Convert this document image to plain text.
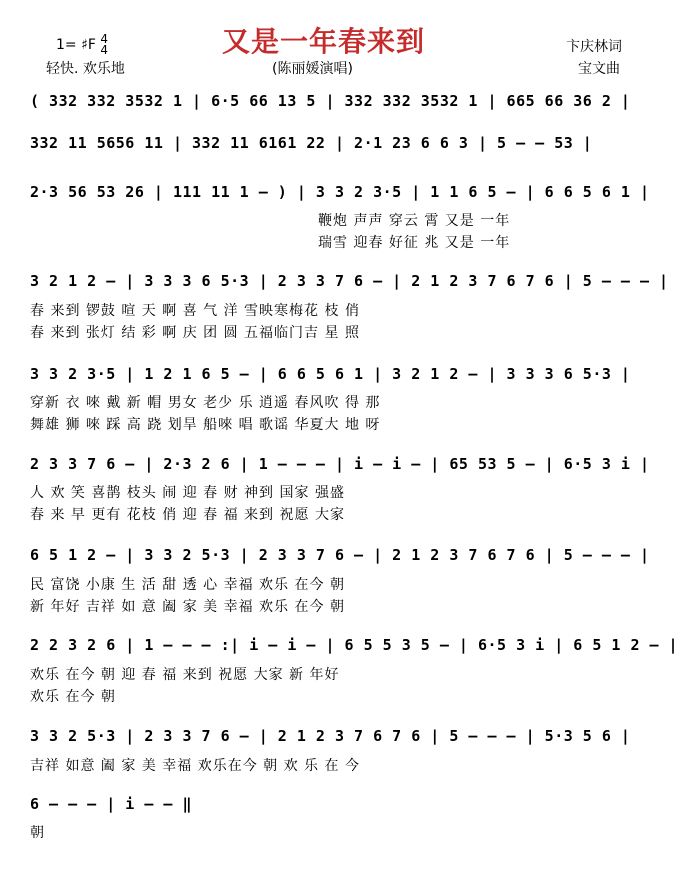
又是一年春来到
1= ♯F 4
4
轻快. 欢乐地	(陈丽媛演唱)
卞庆林词
宝文曲
( 332 332 3532 1 | 6·5 66 13 5 | 332 332 3532 1 | 665 66 36 2 |
332 11 5656 11 | 332 11 6161 22 | 2·1 23 6 6 3 | 5 – – 53 |
2·3 56 53 26 | 111 11 1 – ) | 3 3 2 3·5 | 1 1 6 5 – | 6 6 5 6 1 |
鞭炮 声声 穿云 霄 又是 一年
瑞雪 迎春 好征 兆 又是 一年
3 2 1 2 – | 3 3 3 6 5·3 | 2 3 3 7 6 – | 2 1 2 3 7 6 7 6 | 5 – – – |
春 来到 锣鼓 喧 天 啊 喜 气 洋 雪映寒梅花 枝 俏
春 来到 张灯 结 彩 啊 庆 团 圆 五福临门吉 星 照
3 3 2 3·5 | 1 2 1 6 5 – | 6 6 5 6 1 | 3 2 1 2 – | 3 3 3 6 5·3 |
穿新 衣 唻 戴 新 帽 男女 老少 乐 逍遥 春风吹 得 那
舞雄 狮 唻 踩 高 跷 划旱 船唻 唱 歌谣 华夏大 地 呀
2 3 3 7 6 – | 2·3 2 6 | 1 – – – | i – i – | 65 53 5 – | 6·5 3 i |
人 欢 笑 喜鹊 枝头 闹 迎 春 财 神到 国家 强盛
春 来 早 更有 花枝 俏 迎 春 福 来到 祝愿 大家
6 5 1 2 – | 3 3 2 5·3 | 2 3 3 7 6 – | 2 1 2 3 7 6 7 6 | 5 – – – |
民 富饶 小康 生 活 甜 透 心 幸福 欢乐 在今 朝
新 年好 吉祥 如 意 阖 家 美 幸福 欢乐 在今 朝
2 2 3 2 6 | 1 – – – :| i – i – | 6 5 5 3 5 – | 6·5 3 i | 6 5 1 2 – |
欢乐 在今 朝 迎 春 福 来到 祝愿 大家 新 年好
欢乐 在今 朝
3 3 2 5·3 | 2 3 3 7 6 – | 2 1 2 3 7 6 7 6 | 5 – – – | 5·3 5 6 |
吉祥 如意 阖 家 美 幸福 欢乐在今 朝 欢 乐 在 今
6 – – – | i – – ‖
朝
